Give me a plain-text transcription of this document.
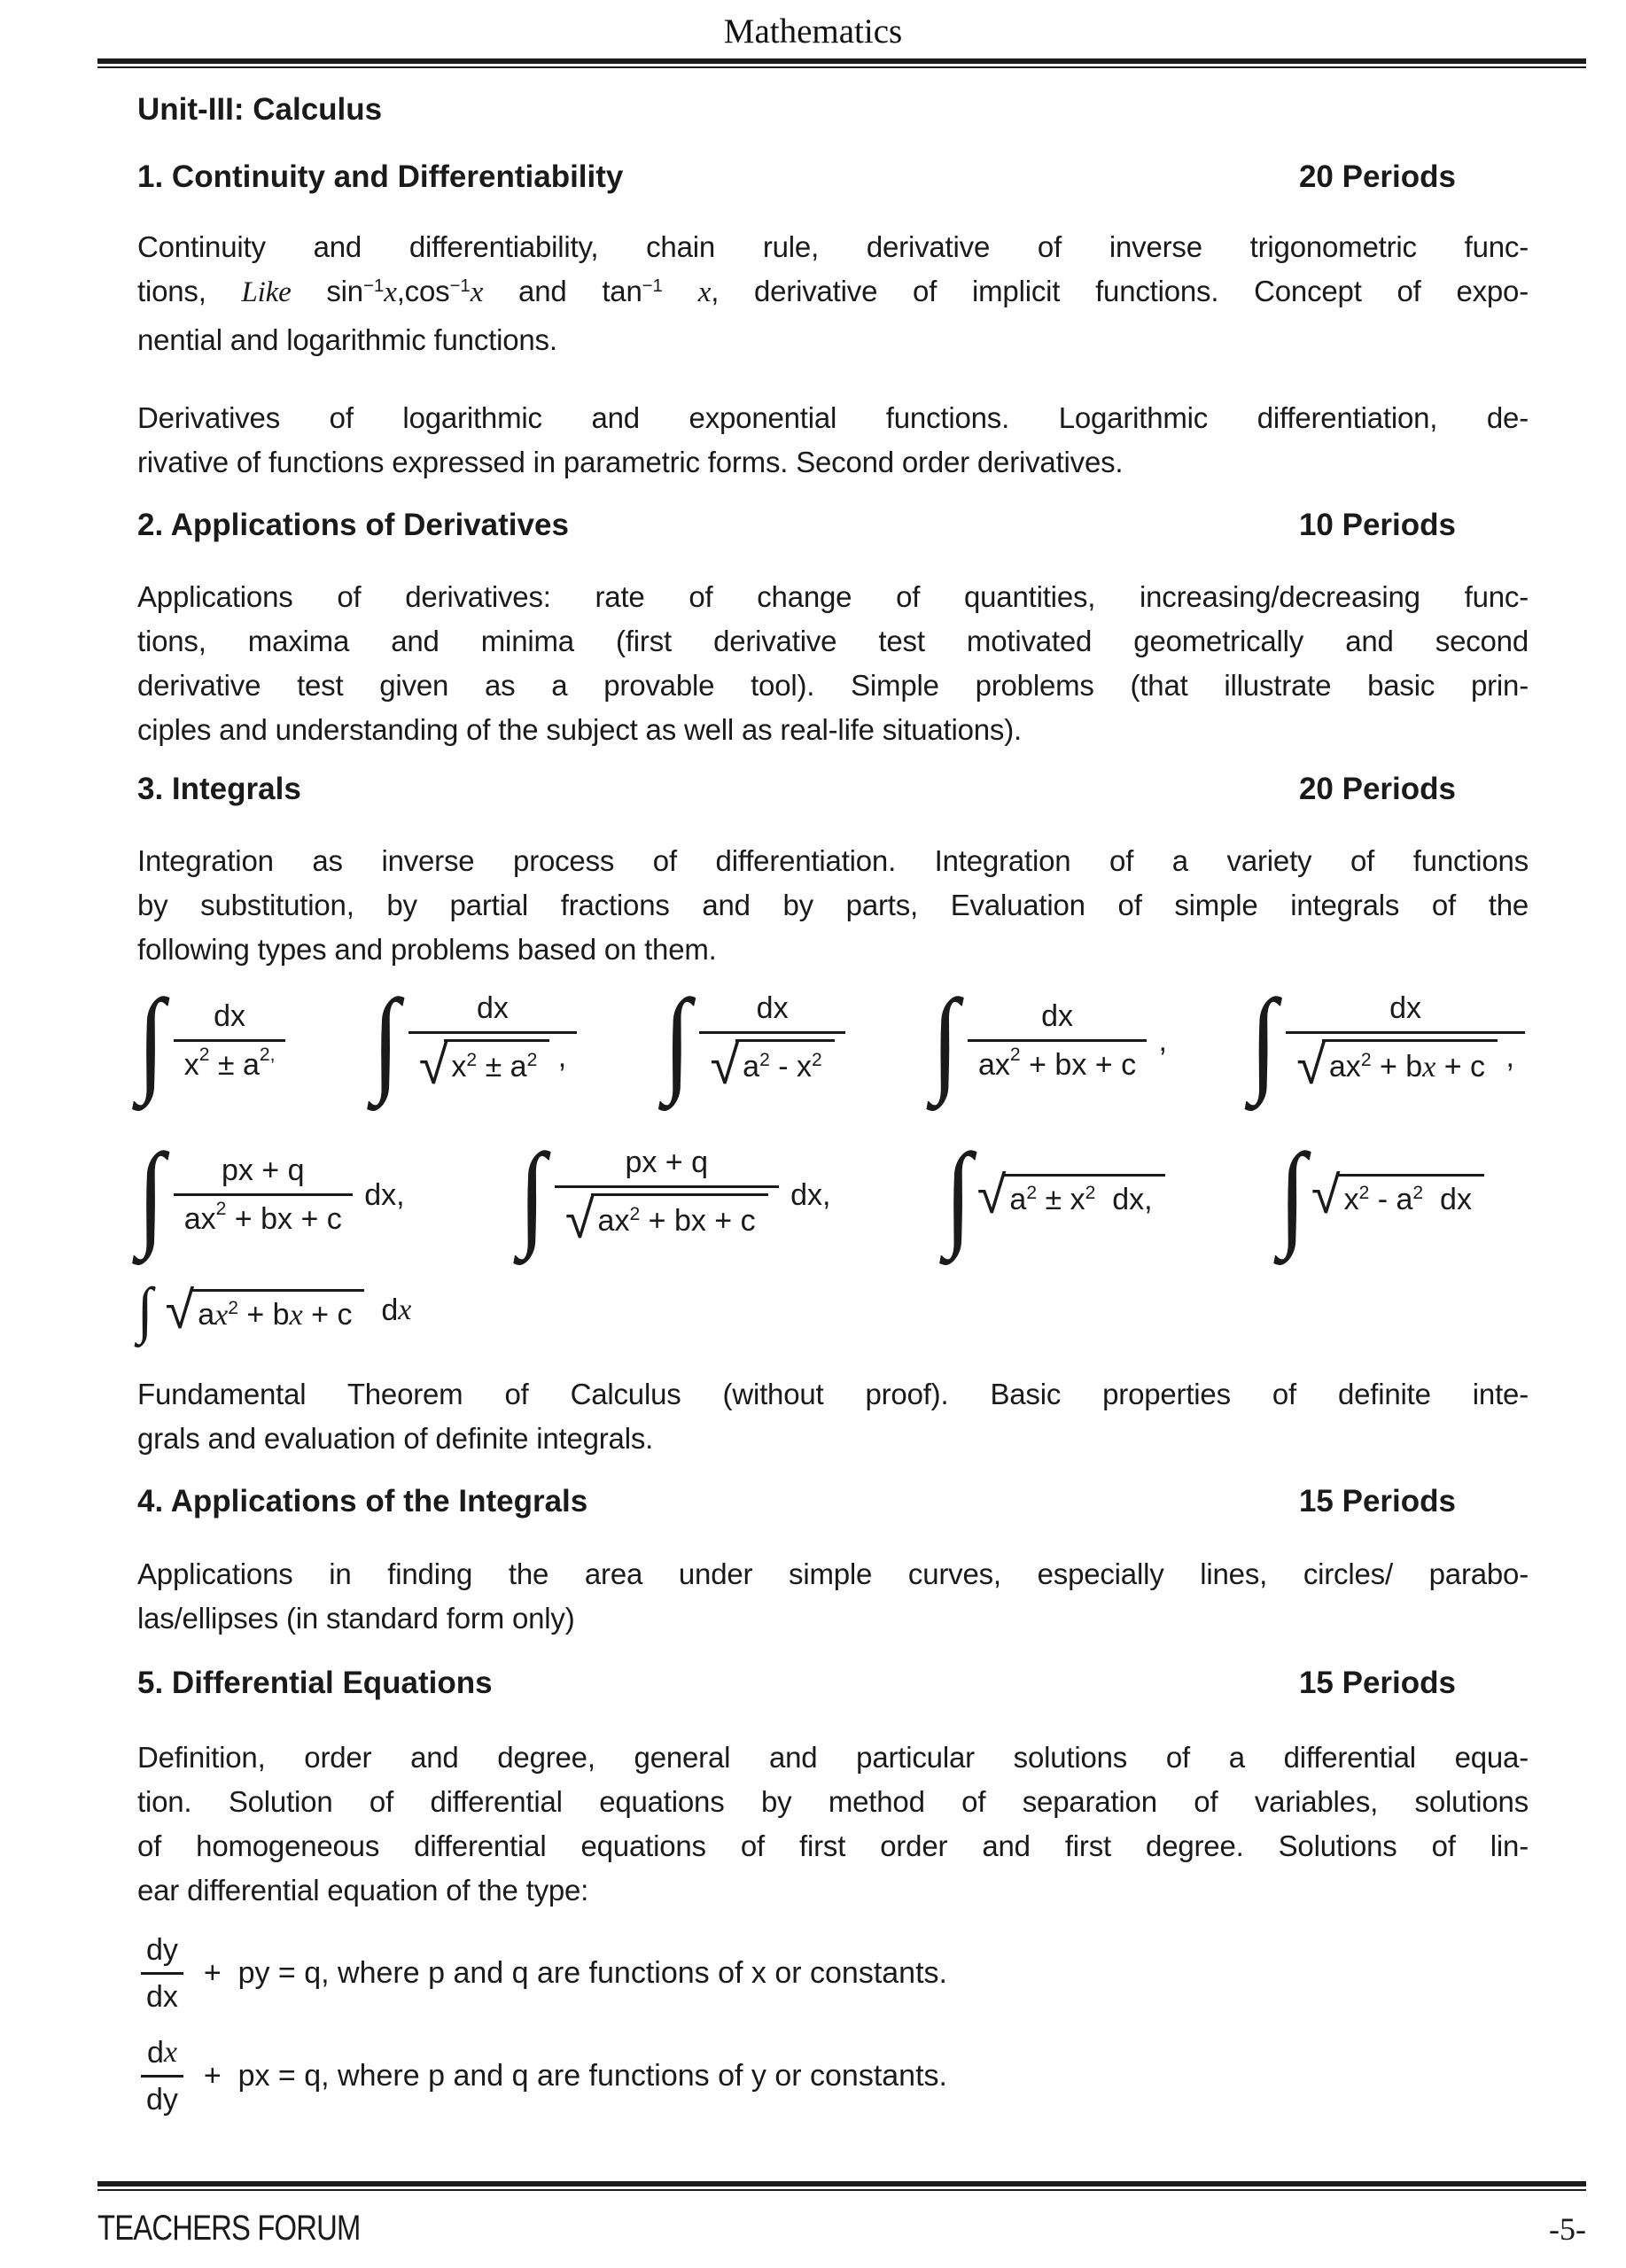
Mathematics
Unit-III: Calculus
1. Continuity and Differentiability	20 Periods
Continuity and differentiability, chain rule, derivative of inverse trigonometric func-
tions, Like $\sin^{-1}x,\cos^{-1}x$ and $\tan^{-1} x$, derivative of implicit functions. Concept of expo-
nential and logarithmic functions.
Derivatives of logarithmic and exponential functions. Logarithmic differentiation, de-
rivative of functions expressed in parametric forms. Second order derivatives.
2. Applications of Derivatives	10 Periods
Applications of derivatives: rate of change of quantities, increasing/decreasing func-
tions, maxima and minima (first derivative test motivated geometrically and second
derivative test given as a provable tool). Simple problems (that illustrate basic prin-
ciples and understanding of the subject as well as real-life situations).
3. Integrals	20 Periods
Integration as inverse process of differentiation. Integration of a variety of functions
by substitution, by partial fractions and by parts, Evaluation of simple integrals of the
following types and problems based on them.
∫ $\frac{dx}{x 2 \pm a 2,}$ ∫ $\frac{dx}{√ x^2 \pm a^2 ,}$ ∫ $\frac{dx}{√ a^2 - x^2}$ ∫ $\frac{dx}{ax 2 + bx + c}$ , ∫ $\frac{dx}{√ ax^2 + bx + c ,}$
∫ $\frac{px + q}{ax 2 + bx + c}$ dx, ∫ $\frac{px + q}{√ ax^2 + bx + c}$ dx, ∫ √ $a^2 \pm x^2$  dx, ∫ √ $x^2 - a^2$  dx
∫ √ $ax^2$ + bx + c d x
Fundamental Theorem of Calculus (without proof). Basic properties of definite inte-
grals and evaluation of definite integrals.
4. Applications of the Integrals	15 Periods
Applications in finding the area under simple curves, especially lines, circles/ parabo-
las/ellipses (in standard form only)
5. Differential Equations	15 Periods
Definition, order and degree, general and particular solutions of a differential equa-
tion. Solution of differential equations by method of separation of variables, solutions
of homogeneous differential equations of first order and first degree. Solutions of lin-
ear differential equation of the type:
$\frac{dy}{dx}$ +  py = q, where p and q are functions of x or constants.
$\frac{\text{d x}}{dy}$ +  px = q, where p and q are functions of y or constants.
TEACHERS FORUM	-5-
